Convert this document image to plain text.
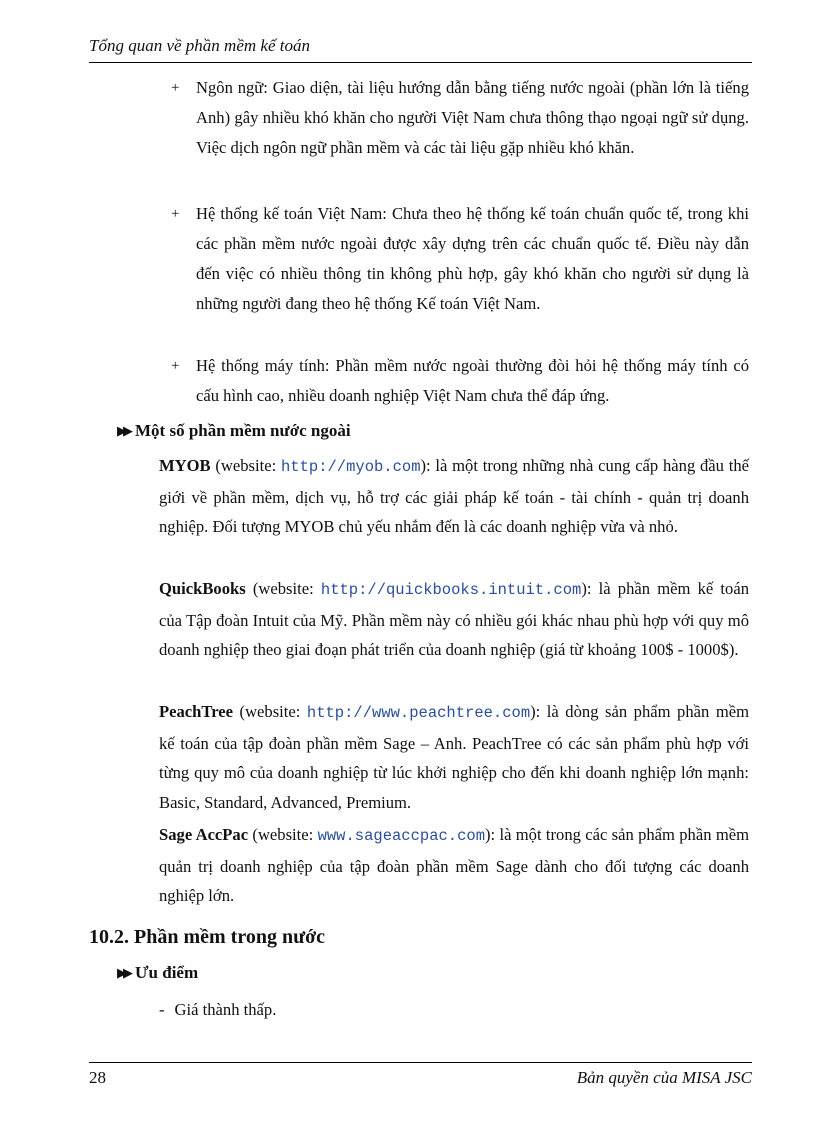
Tổng quan về phần mềm kế toán
+ Ngôn ngữ: Giao diện, tài liệu hướng dẫn bằng tiếng nước ngoài (phần lớn là tiếng Anh) gây nhiều khó khăn cho người Việt Nam chưa thông thạo ngoại ngữ sử dụng. Việc dịch ngôn ngữ phần mềm và các tài liệu gặp nhiều khó khăn.
+ Hệ thống kế toán Việt Nam: Chưa theo hệ thống kế toán chuẩn quốc tế, trong khi các phần mềm nước ngoài được xây dựng trên các chuẩn quốc tế. Điều này dẫn đến việc có nhiều thông tin không phù hợp, gây khó khăn cho người sử dụng là những người đang theo hệ thống Kế toán Việt Nam.
+ Hệ thống máy tính: Phần mềm nước ngoài thường đòi hỏi hệ thống máy tính có cấu hình cao, nhiều doanh nghiệp Việt Nam chưa thể đáp ứng.
▶▶ Một số phần mềm nước ngoài
MYOB (website: http://myob.com): là một trong những nhà cung cấp hàng đầu thế giới về phần mềm, dịch vụ, hỗ trợ các giải pháp kế toán - tài chính - quản trị doanh nghiệp. Đối tượng MYOB chủ yếu nhắm đến là các doanh nghiệp vừa và nhỏ.
QuickBooks (website: http://quickbooks.intuit.com): là phần mềm kế toán của Tập đoàn Intuit của Mỹ. Phần mềm này có nhiều gói khác nhau phù hợp với quy mô doanh nghiệp theo giai đoạn phát triển của doanh nghiệp (giá từ khoảng 100$ - 1000$).
PeachTree (website: http://www.peachtree.com): là dòng sản phẩm phần mềm kế toán của tập đoàn phần mềm Sage – Anh. PeachTree có các sản phẩm phù hợp với từng quy mô của doanh nghiệp từ lúc khởi nghiệp cho đến khi doanh nghiệp lớn mạnh: Basic, Standard, Advanced, Premium.
Sage AccPac (website: www.sageaccpac.com): là một trong các sản phẩm phần mềm quản trị doanh nghiệp của tập đoàn phần mềm Sage dành cho đối tượng các doanh nghiệp lớn.
10.2. Phần mềm trong nước
▶▶ Ưu điểm
- Giá thành thấp.
28	Bản quyền của MISA JSC
